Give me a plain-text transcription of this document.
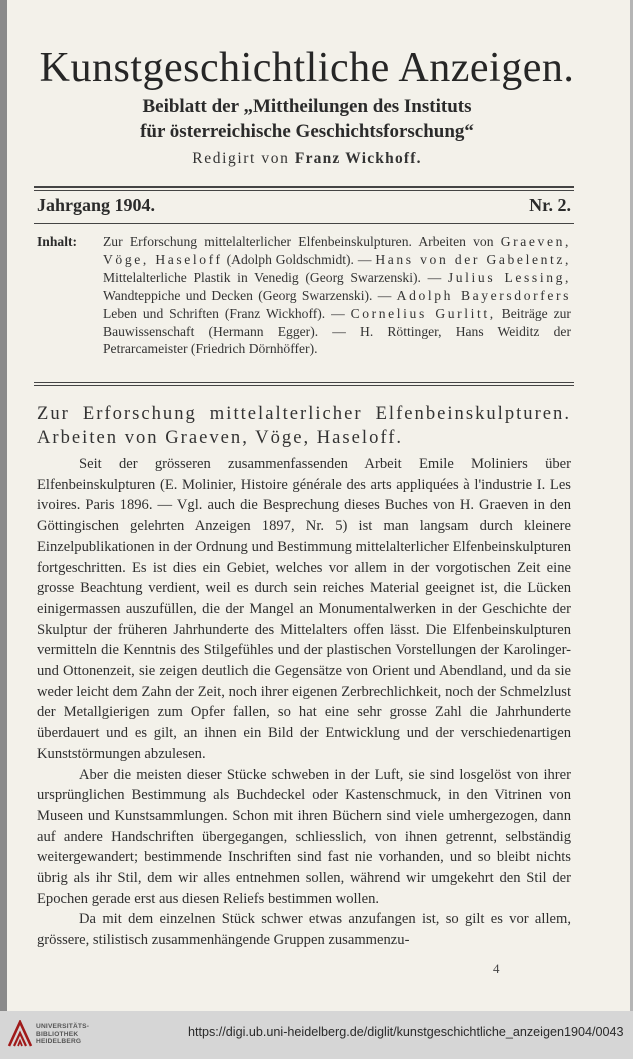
Kunstgeschichtliche Anzeigen.
Beiblatt der „Mittheilungen des Instituts
für österreichische Geschichtsforschung“
Redigirt von Franz Wickhoff.
Jahrgang 1904.	Nr. 2.
Inhalt:	Zur Erforschung mittelalterlicher Elfenbeinskulpturen. Arbeiten von Graeven, Vöge, Haseloff (Adolph Goldschmidt). — Hans von der Gabelentz, Mittelalterliche Plastik in Venedig (Georg Swarzenski). — Julius Lessing, Wandteppiche und Decken (Georg Swarzenski). — Adolph Bayersdorfers Leben und Schriften (Franz Wickhoff). — Cornelius Gurlitt, Beiträge zur Bauwissenschaft (Hermann Egger). — H. Röttinger, Hans Weiditz der Petrarcameister (Friedrich Dörnhöffer).
Zur Erforschung mittelalterlicher Elfenbeinskulpturen. Arbeiten von Graeven, Vöge, Haseloff.

Seit der grösseren zusammenfassenden Arbeit Emile Moliniers über Elfenbeinskulpturen (E. Molinier, Histoire générale des arts appliquées à l'industrie I. Les ivoires. Paris 1896. — Vgl. auch die Besprechung dieses Buches von H. Graeven in den Göttingischen gelehrten Anzeigen 1897, Nr. 5) ist man langsam durch kleinere Einzelpublikationen in der Ordnung und Bestimmung mittelalterlicher Elfenbeinskulpturen fortgeschritten. Es ist dies ein Gebiet, welches vor allem in der vorgotischen Zeit eine grosse Beachtung verdient, weil es durch sein reiches Material geeignet ist, die Lücken einigermassen auszufüllen, die der Mangel an Monumentalwerken in der Geschichte der Skulptur der früheren Jahrhunderte des Mittelalters offen lässt. Die Elfenbeinskulpturen vermitteln die Kenntnis des Stilgefühles und der plastischen Vorstellungen der Karolinger- und Ottonenzeit, sie zeigen deutlich die Gegensätze von Orient und Abendland, und da sie weder leicht dem Zahn der Zeit, noch ihrer eigenen Zerbrechlichkeit, noch der Schmelzlust der Metallgierigen zum Opfer fallen, so hat eine sehr grosse Zahl die Jahrhunderte überdauert und es gilt, an ihnen ein Bild der Entwicklung und der verschiedenartigen Kunststörmungen abzulesen.

Aber die meisten dieser Stücke schweben in der Luft, sie sind losgelöst von ihrer ursprünglichen Bestimmung als Buchdeckel oder Kastenschmuck, in den Vitrinen von Museen und Kunstsammlungen. Schon mit ihren Büchern sind viele umhergezogen, dann auf andere Handschriften übergegangen, schliesslich, von ihnen getrennt, selbständig weitergewandert; bestimmende Inschriften sind fast nie vorhanden, und so bleibt nichts übrig als ihr Stil, dem wir alles entnehmen sollen, während wir umgekehrt den Stil der Epochen gerade erst aus diesen Reliefs bestimmen wollen.

Da mit dem einzelnen Stück schwer etwas anzufangen ist, so gilt es vor allem, grössere, stilistisch zusammenhängende Gruppen zusammenzu-

4
UNIVERSITÄTS-
BIBLIOTHEK
HEIDELBERG
https://digi.ub.uni-heidelberg.de/diglit/kunstgeschichtliche_anzeigen1904/0043
